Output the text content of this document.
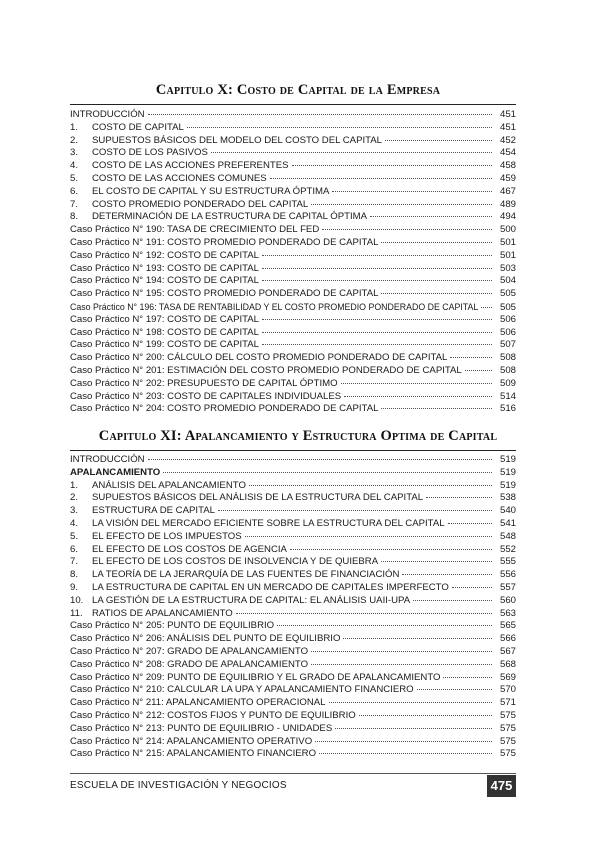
Capitulo X: Costo de Capital de la Empresa
INTRODUCCIÓN	451
1.	COSTO DE CAPITAL	451
2.	SUPUESTOS BÁSICOS DEL MODELO DEL COSTO DEL CAPITAL	452
3.	COSTO DE LOS PASIVOS	454
4.	COSTO DE LAS ACCIONES PREFERENTES	458
5.	COSTO DE LAS ACCIONES COMUNES	459
6.	EL COSTO DE CAPITAL Y SU ESTRUCTURA ÓPTIMA	467
7.	COSTO PROMEDIO PONDERADO DEL CAPITAL	489
8.	DETERMINACIÓN DE LA ESTRUCTURA DE CAPITAL ÓPTIMA	494
Caso Práctico N° 190: TASA DE CRECIMIENTO DEL FED	500
Caso Práctico N° 191: COSTO PROMEDIO PONDERADO DE CAPITAL	501
Caso Práctico N° 192: COSTO DE CAPITAL	501
Caso Práctico N° 193: COSTO DE CAPITAL	503
Caso Práctico N° 194: COSTO DE CAPITAL	504
Caso Práctico N° 195: COSTO PROMEDIO PONDERADO DE CAPITAL	505
Caso Práctico N° 196: TASA DE RENTABILIDAD Y EL COSTO PROMEDIO PONDERADO DE CAPITAL	505
Caso Práctico N° 197: COSTO DE CAPITAL	506
Caso Práctico N° 198: COSTO DE CAPITAL	506
Caso Práctico N° 199: COSTO DE CAPITAL	507
Caso Práctico N° 200: CÁLCULO DEL COSTO PROMEDIO PONDERADO DE CAPITAL	508
Caso Práctico N° 201: ESTIMACIÓN DEL COSTO PROMEDIO PONDERADO DE CAPITAL	508
Caso Práctico N° 202: PRESUPUESTO DE CAPITAL ÓPTIMO	509
Caso Práctico N° 203: COSTO DE CAPITALES INDIVIDUALES	514
Caso Práctico N° 204: COSTO PROMEDIO PONDERADO DE CAPITAL	516
Capitulo XI: Apalancamiento y Estructura Optima de Capital
INTRODUCCIÓN	519
APALANCAMIENTO	519
1.	ANÁLISIS DEL APALANCAMIENTO	519
2.	SUPUESTOS BÁSICOS DEL ANÁLISIS DE LA ESTRUCTURA DEL CAPITAL	538
3.	ESTRUCTURA DE CAPITAL	540
4.	LA VISIÓN DEL MERCADO EFICIENTE SOBRE LA ESTRUCTURA DEL CAPITAL	541
5.	EL EFECTO DE LOS IMPUESTOS	548
6.	EL EFECTO DE LOS COSTOS DE AGENCIA	552
7.	EL EFECTO DE LOS COSTOS DE INSOLVENCIA Y DE QUIEBRA	555
8.	LA TEORÍA DE LA JERARQUÍA DE LAS FUENTES DE FINANCIACIÓN	556
9.	LA ESTRUCTURA DE CAPITAL EN UN MERCADO DE CAPITALES IMPERFECTO	557
10. LA GESTIÓN DE LA ESTRUCTURA DE CAPITAL: EL ANÁLISIS UAII-UPA	560
11. RATIOS DE APALANCAMIENTO	563
Caso Práctico N° 205: PUNTO DE EQUILIBRIO	565
Caso Práctico N° 206: ANÁLISIS DEL PUNTO DE EQUILIBRIO	566
Caso Práctico N° 207: GRADO DE APALANCAMIENTO	567
Caso Práctico N° 208: GRADO DE APALANCAMIENTO	568
Caso Práctico N° 209: PUNTO DE EQUILIBRIO Y EL GRADO DE APALANCAMIENTO	569
Caso Práctico N° 210: CALCULAR LA UPA Y APALANCAMIENTO FINANCIERO	570
Caso Práctico N° 211: APALANCAMIENTO OPERACIONAL	571
Caso Práctico N° 212: COSTOS FIJOS Y PUNTO DE EQUILIBRIO	575
Caso Práctico N° 213: PUNTO DE EQUILIBRIO - UNIDADES	575
Caso Práctico N° 214: APALANCAMIENTO OPERATIVO	575
Caso Práctico N° 215: APALANCAMIENTO FINANCIERO	575
ESCUELA DE INVESTIGACIÓN Y NEGOCIOS	475
